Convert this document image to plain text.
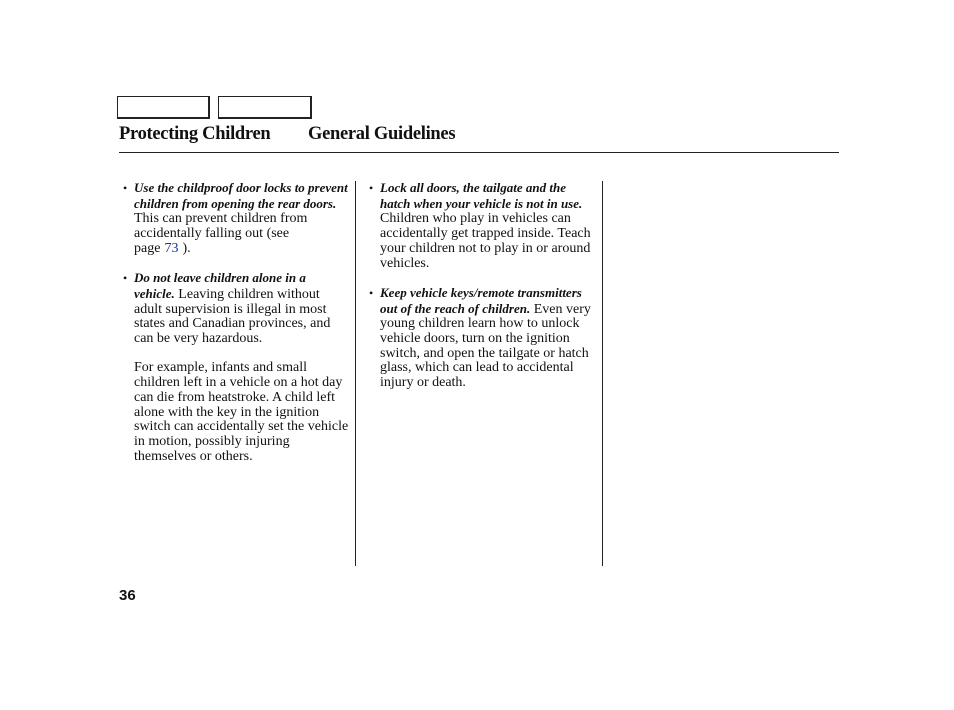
Protecting Children General Guidelines
• Use the childproof door locks to prevent children from opening the rear doors. This can prevent children from accidentally falling out (see page 73 ).
• Do not leave children alone in a vehicle. Leaving children without adult supervision is illegal in most states and Canadian provinces, and can be very hazardous.

For example, infants and small children left in a vehicle on a hot day can die from heatstroke. A child left alone with the key in the ignition switch can accidentally set the vehicle in motion, possibly injuring themselves or others.

• Lock all doors, the tailgate and the hatch when your vehicle is not in use. Children who play in vehicles can accidentally get trapped inside. Teach your children not to play in or around vehicles.
• Keep vehicle keys/remote transmitters out of the reach of children. Even very young children learn how to unlock vehicle doors, turn on the ignition switch, and open the tailgate or hatch glass, which can lead to accidental injury or death.
36
